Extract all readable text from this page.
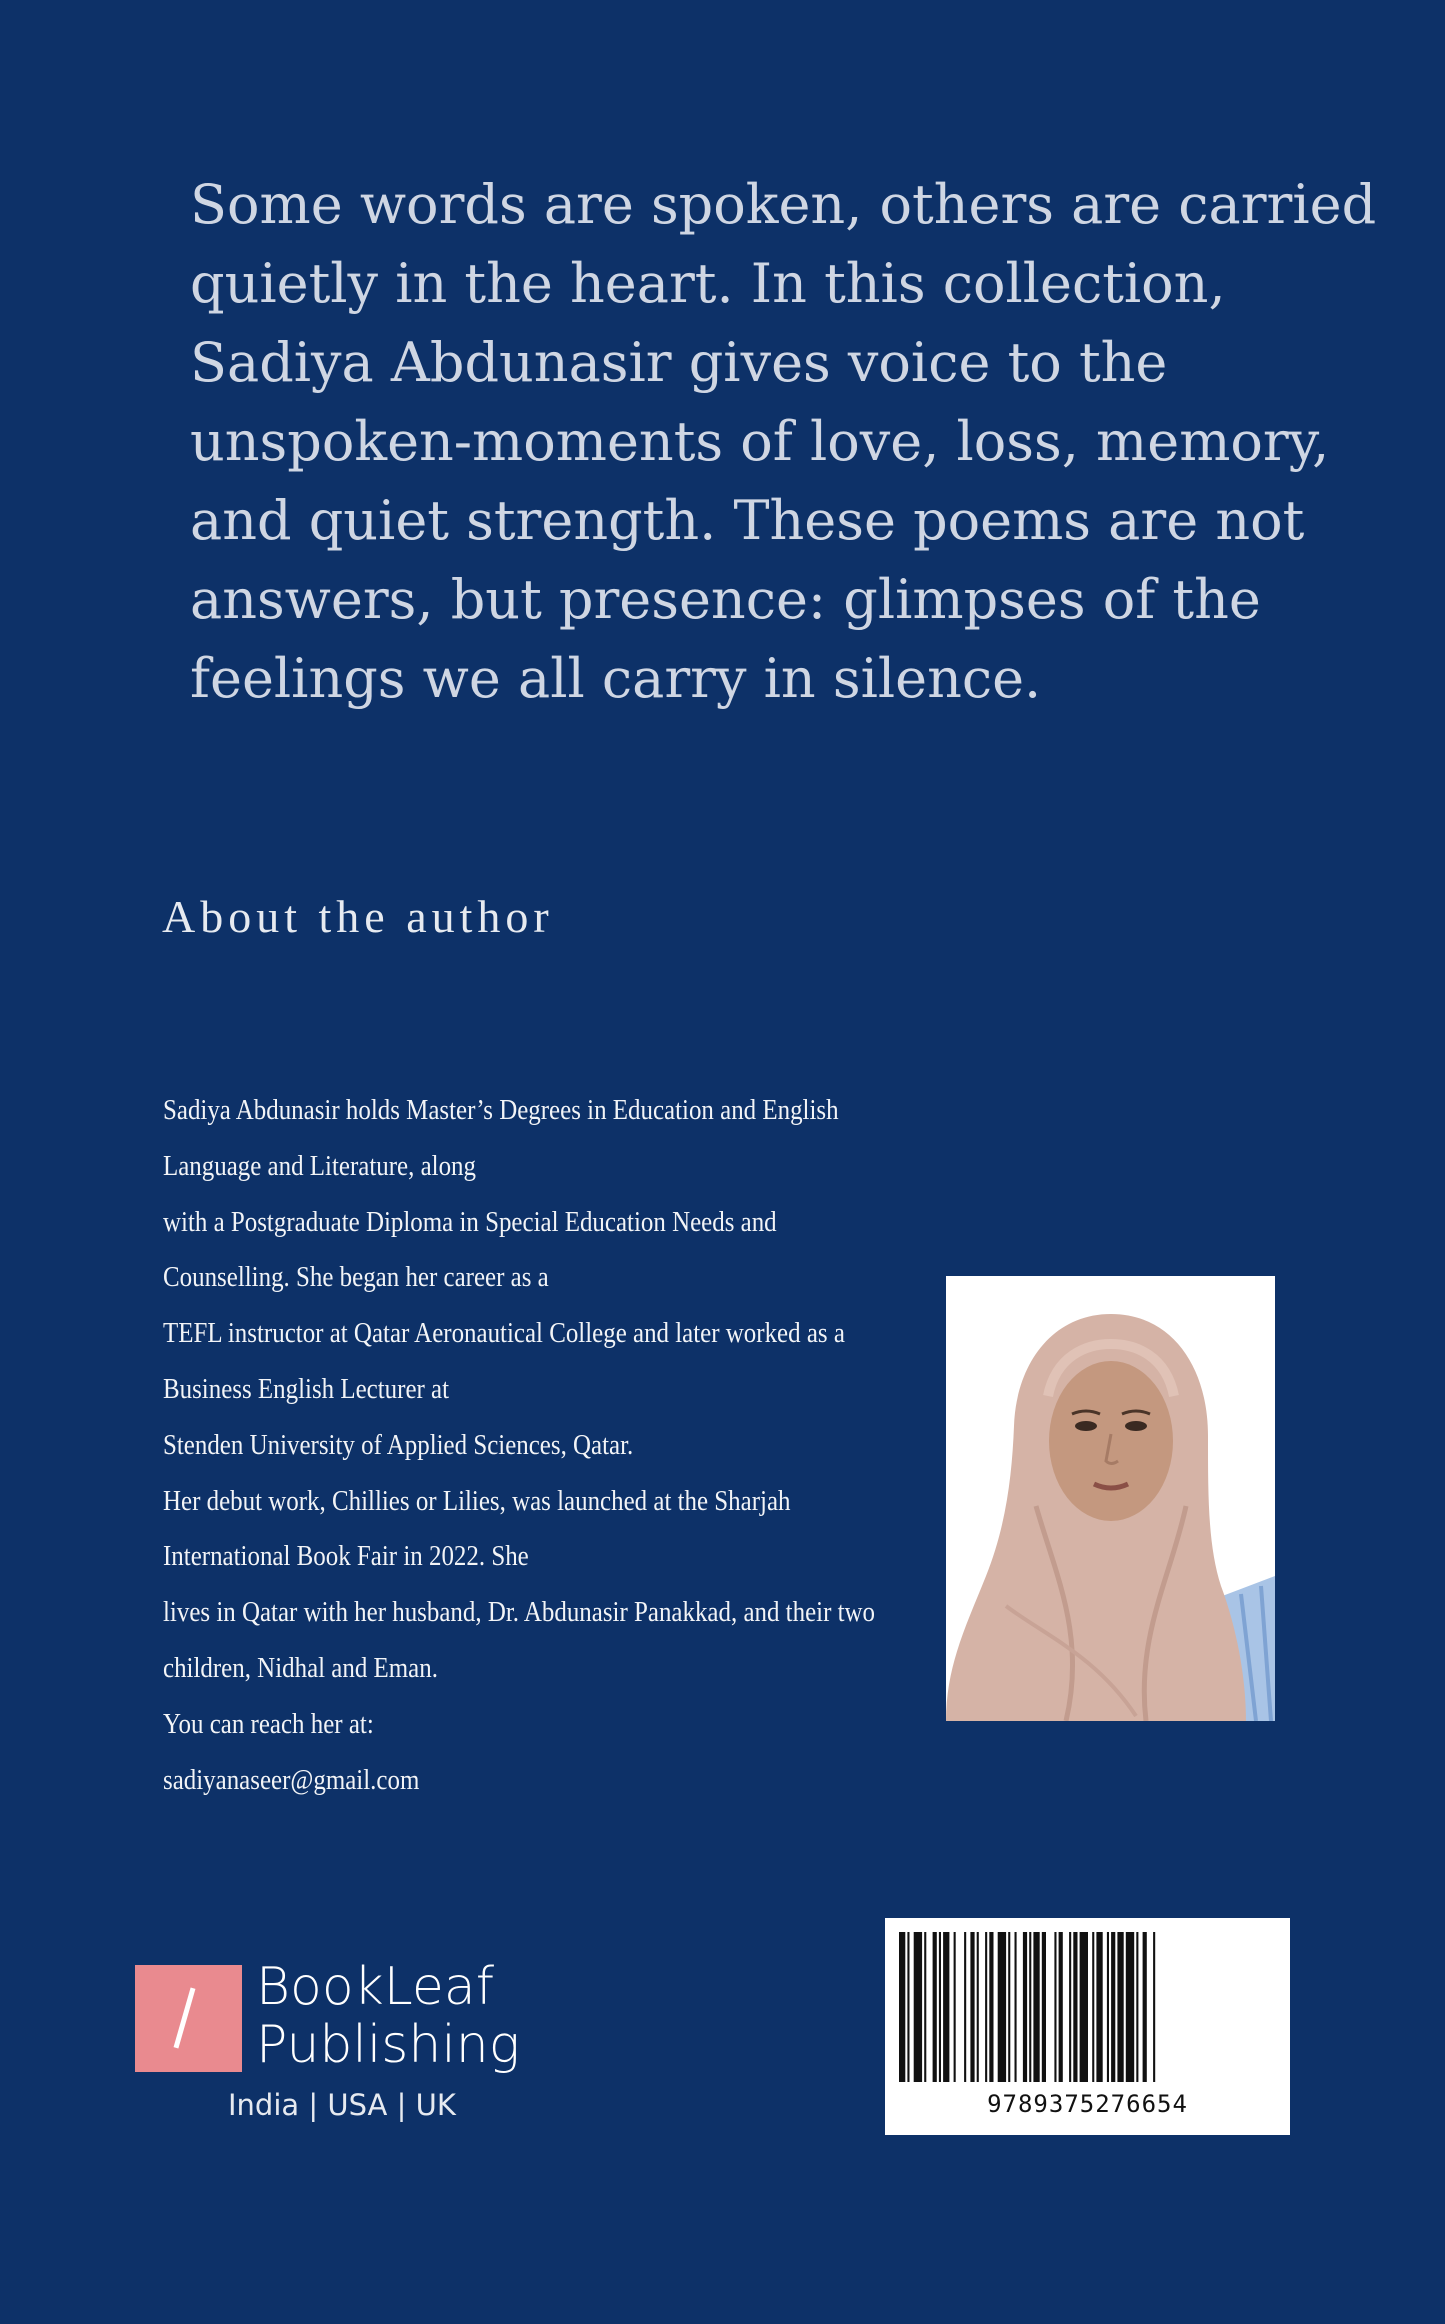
Some words are spoken, others are carried
quietly in the heart. In this collection,
Sadiya Abdunasir gives voice to the
unspoken-moments of love, loss, memory,
and quiet strength. These poems are not
answers, but presence: glimpses of the
feelings we all carry in silence.
About the author
Sadiya Abdunasir holds Master’s Degrees in Education and English
Language and Literature, along
with a Postgraduate Diploma in Special Education Needs and
Counselling. She began her career as a
TEFL instructor at Qatar Aeronautical College and later worked as a
Business English Lecturer at
Stenden University of Applied Sciences, Qatar.
Her debut work, Chillies or Lilies, was launched at the Sharjah
International Book Fair in 2022. She
lives in Qatar with her husband, Dr. Abdunasir Panakkad, and their two
children, Nidhal and Eman.
You can reach her at:
sadiyanaseer@gmail.com
BookLeaf
Publishing
India | USA | UK	9789375276654
